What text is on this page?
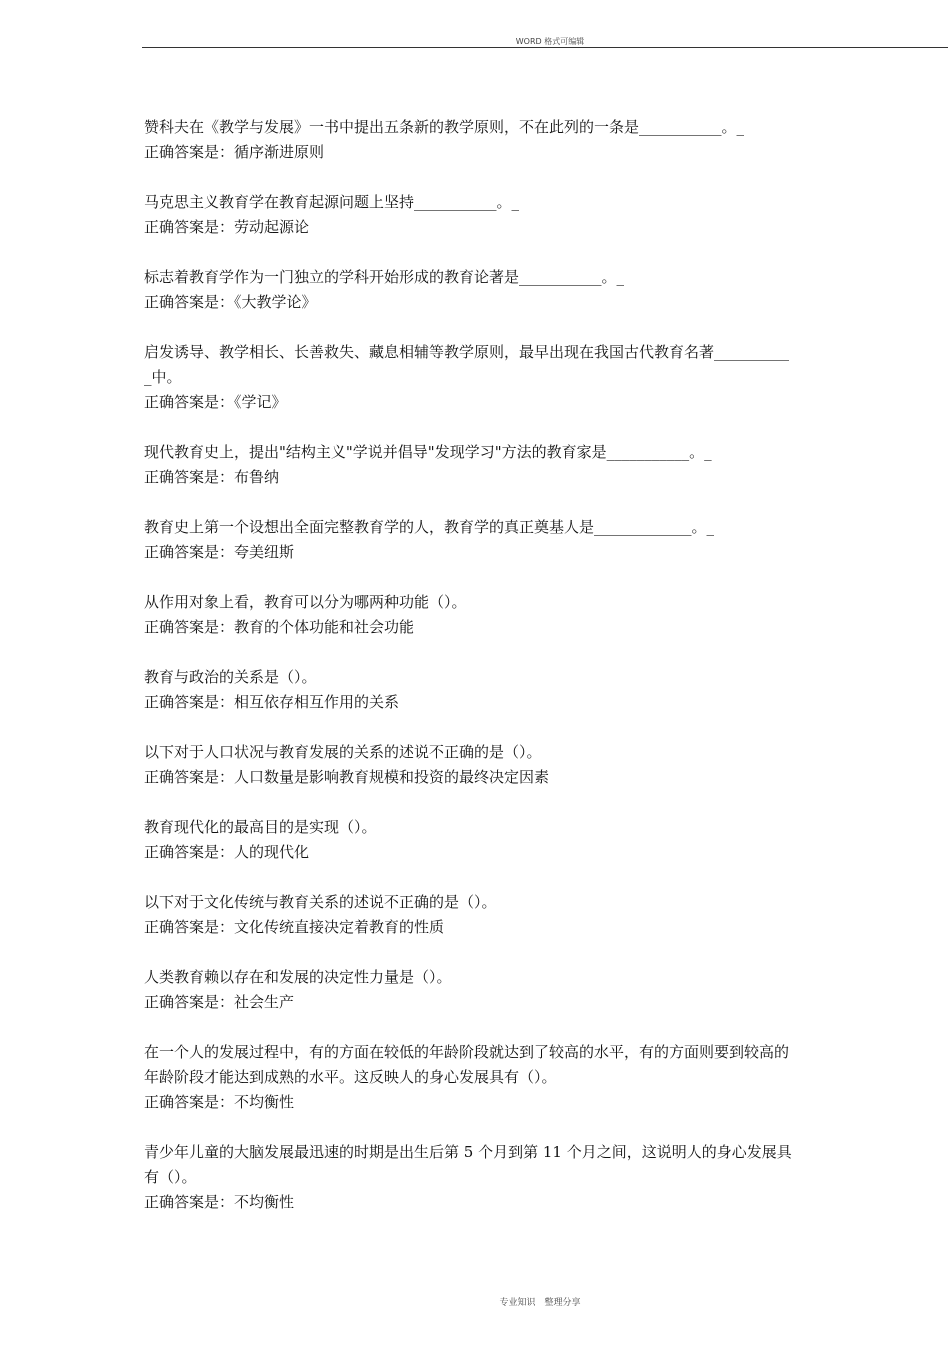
WORD 格式可编辑
赞科夫在《教学与发展》一书中提出五条新的教学原则，不在此列的一条是___________。_
正确答案是：循序渐进原则
马克思主义教育学在教育起源问题上坚持___________。_
正确答案是：劳动起源论
标志着教育学作为一门独立的学科开始形成的教育论著是___________。_
正确答案是：《大教学论》
启发诱导、教学相长、长善救失、藏息相辅等教学原则，最早出现在我国古代教育名著___________中。
正确答案是：《学记》
现代教育史上，提出"结构主义"学说并倡导"发现学习"方法的教育家是___________。_
正确答案是：布鲁纳
教育史上第一个设想出全面完整教育学的人，教育学的真正奠基人是_____________。_
正确答案是：夸美纽斯
从作用对象上看，教育可以分为哪两种功能（）。
正确答案是：教育的个体功能和社会功能
教育与政治的关系是（）。
正确答案是：相互依存相互作用的关系
以下对于人口状况与教育发展的关系的述说不正确的是（）。
正确答案是：人口数量是影响教育规模和投资的最终决定因素
教育现代化的最高目的是实现（）。
正确答案是：人的现代化
以下对于文化传统与教育关系的述说不正确的是（）。
正确答案是：文化传统直接决定着教育的性质
人类教育赖以存在和发展的决定性力量是（）。
正确答案是：社会生产
在一个人的发展过程中，有的方面在较低的年龄阶段就达到了较高的水平，有的方面则要到较高的年龄阶段才能达到成熟的水平。这反映人的身心发展具有（）。
正确答案是：不均衡性
青少年儿童的大脑发展最迅速的时期是出生后第 5 个月到第 11 个月之间，这说明人的身心发展具有（）。
正确答案是：不均衡性
专业知识　整理分享
